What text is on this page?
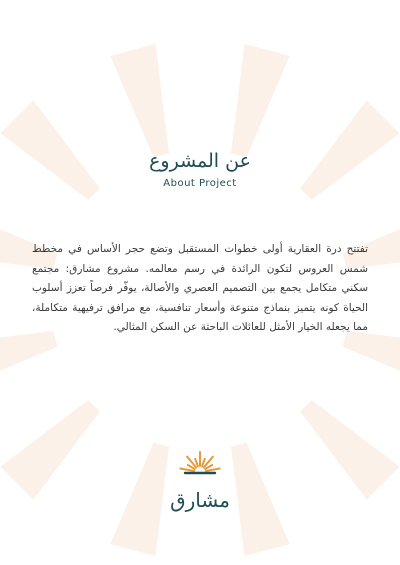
عن المشروع
About Project
تفتتح درة العقارية أولى خطوات المستقبل وتضع حجر الأساس في مخطط شمس العروس لتكون الرائدة في رسم معالمه. مشروع مشارق: مجتمع سكني متكامل يجمع بين التصميم العصري والأصالة، يوفّر فرصاً تعزز أسلوب الحياة كونه يتميز بنماذج متنوعة وأسعار تنافسية، مع مرافق ترفيهية متكاملة، مما يجعله الخيار الأمثل للعائلات الباحثة عن السكن المثالي.
مشارق
